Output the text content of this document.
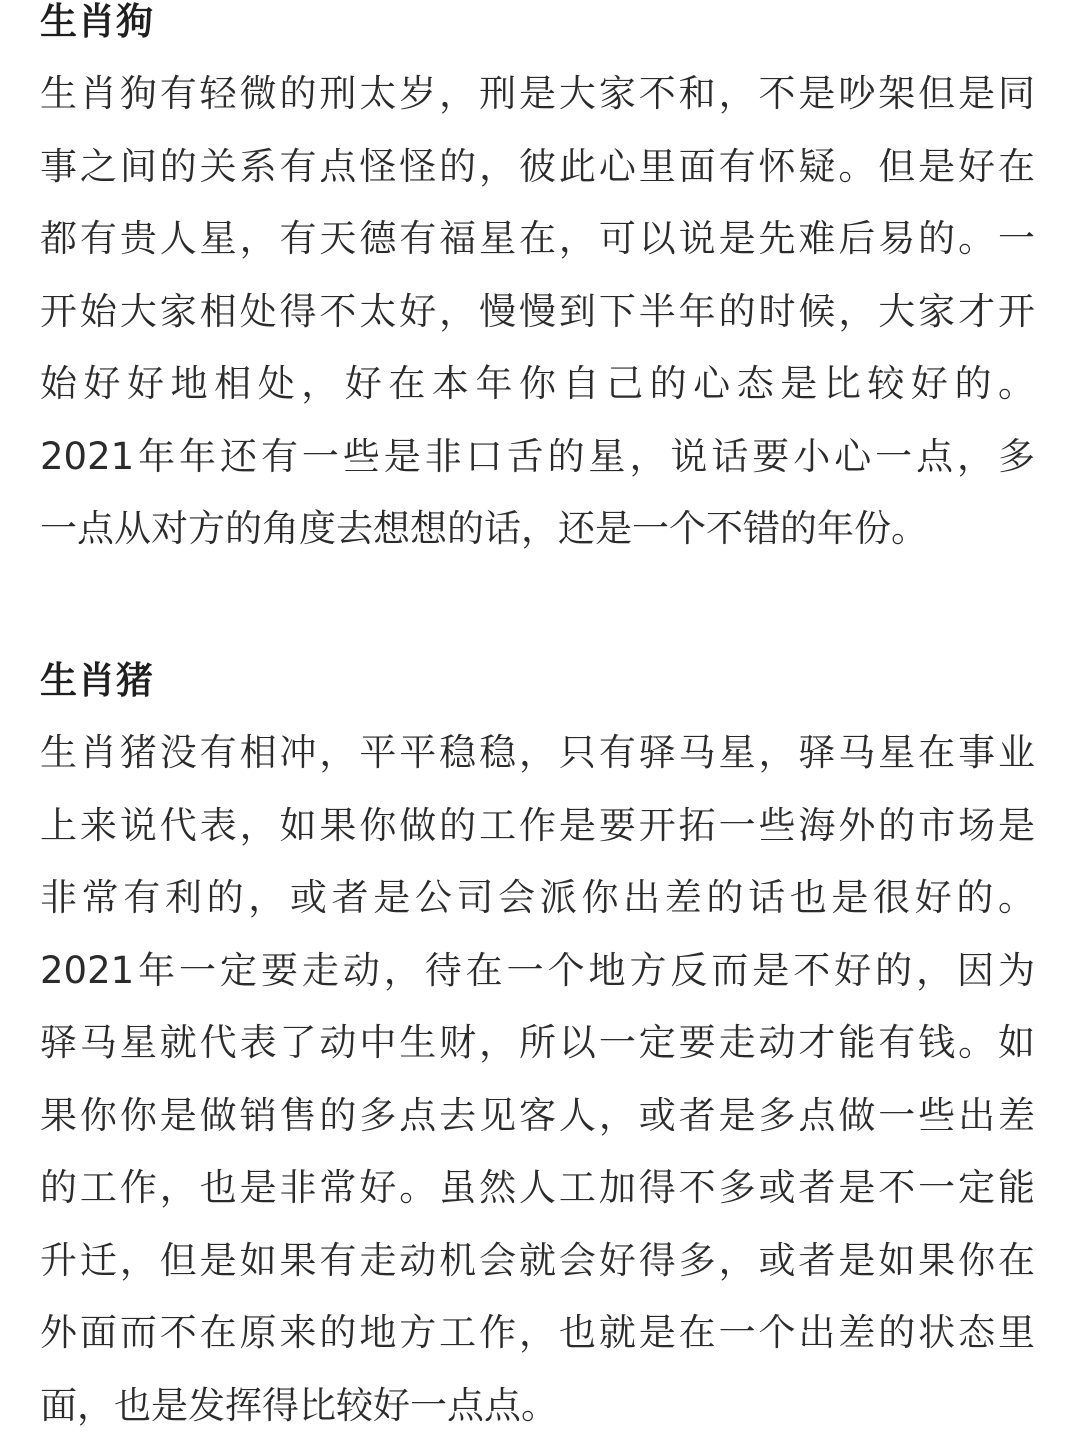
生肖狗
生肖狗有轻微的刑太岁，刑是大家不和，不是吵架但是同
事之间的关系有点怪怪的，彼此心里面有怀疑。但是好在
都有贵人星，有天德有福星在，可以说是先难后易的。一
开始大家相处得不太好，慢慢到下半年的时候，大家才开
始好好地相处，好在本年你自己的心态是比较好的。
2021年年还有一些是非口舌的星，说话要小心一点，多
一点从对方的角度去想想的话，还是一个不错的年份。
生肖猪
生肖猪没有相冲，平平稳稳，只有驿马星，驿马星在事业
上来说代表，如果你做的工作是要开拓一些海外的市场是
非常有利的，或者是公司会派你出差的话也是很好的。
2021年一定要走动，待在一个地方反而是不好的，因为
驿马星就代表了动中生财，所以一定要走动才能有钱。如
果你你是做销售的多点去见客人，或者是多点做一些出差
的工作，也是非常好。虽然人工加得不多或者是不一定能
升迁，但是如果有走动机会就会好得多，或者是如果你在
外面而不在原来的地方工作，也就是在一个出差的状态里
面，也是发挥得比较好一点点。
